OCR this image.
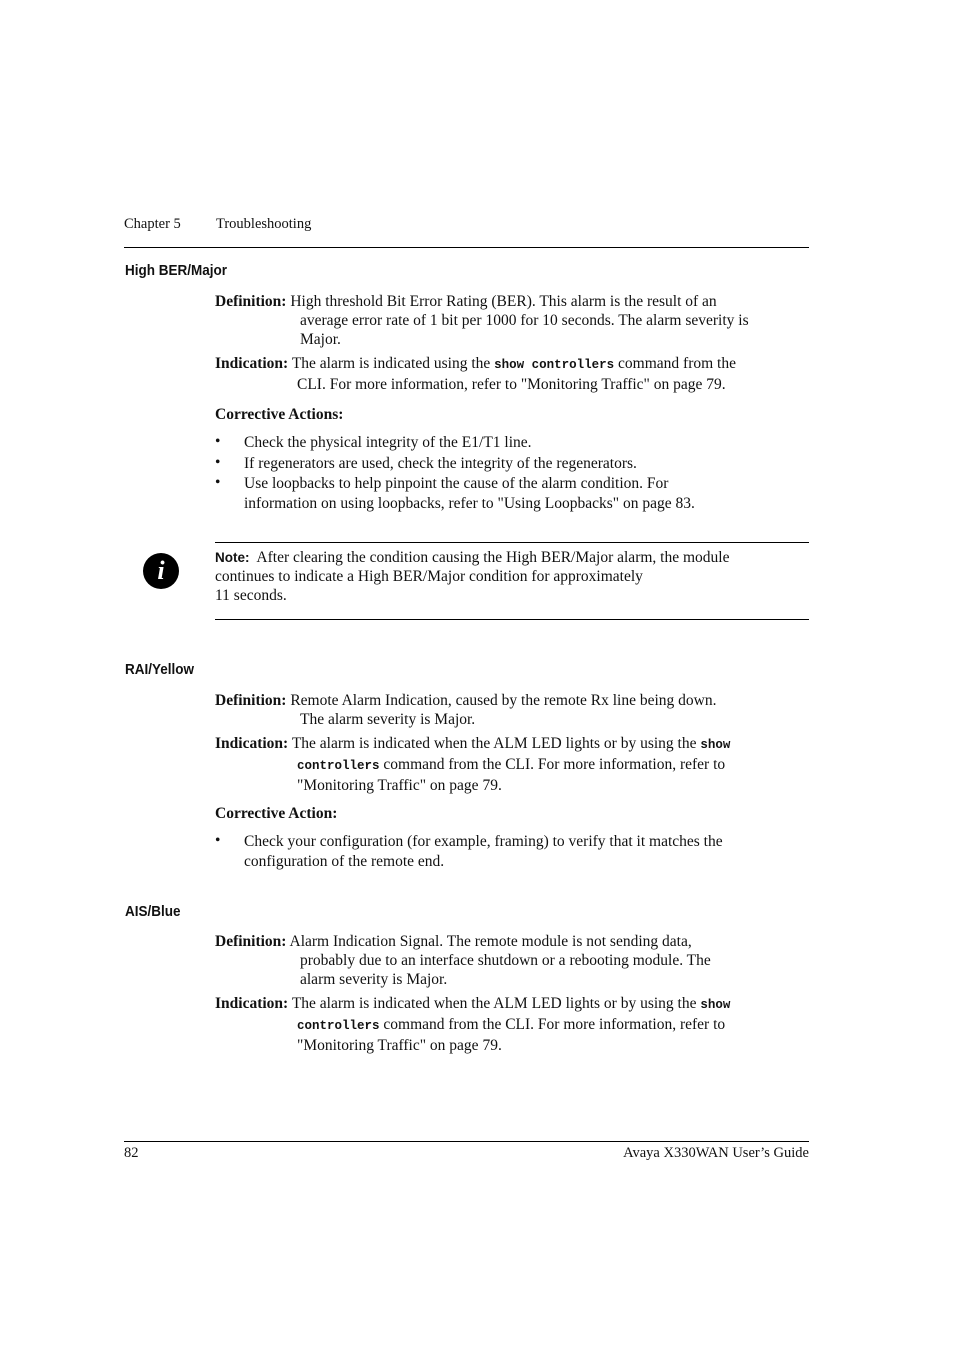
Chapter 5 Troubleshooting
High BER/Major
Definition: High threshold Bit Error Rating (BER). This alarm is the result of an
average error rate of 1 bit per 1000 for 10 seconds. The alarm severity is
Major.
Indication: The alarm is indicated using the show controllers command from the
CLI. For more information, refer to "Monitoring Traffic" on page 79.
Corrective Actions:
• Check the physical integrity of the E1/T1 line.
• If regenerators are used, check the integrity of the regenerators.
• Use loopbacks to help pinpoint the cause of the alarm condition. For
information on using loopbacks, refer to "Using Loopbacks" on page 83.
i	Note: After clearing the condition causing the High BER/Major alarm, the module
continues to indicate a High BER/Major condition for approximately
11 seconds.
RAI/Yellow
Definition: Remote Alarm Indication, caused by the remote Rx line being down.
The alarm severity is Major.
Indication: The alarm is indicated when the ALM LED lights or by using the show
controllers command from the CLI. For more information, refer to
"Monitoring Traffic" on page 79.
Corrective Action:
• Check your configuration (for example, framing) to verify that it matches the
configuration of the remote end.
AIS/Blue
Definition: Alarm Indication Signal. The remote module is not sending data,
probably due to an interface shutdown or a rebooting module. The
alarm severity is Major.
Indication: The alarm is indicated when the ALM LED lights or by using the show
controllers command from the CLI. For more information, refer to
"Monitoring Traffic" on page 79.
82	Avaya X330WAN User’s Guide
